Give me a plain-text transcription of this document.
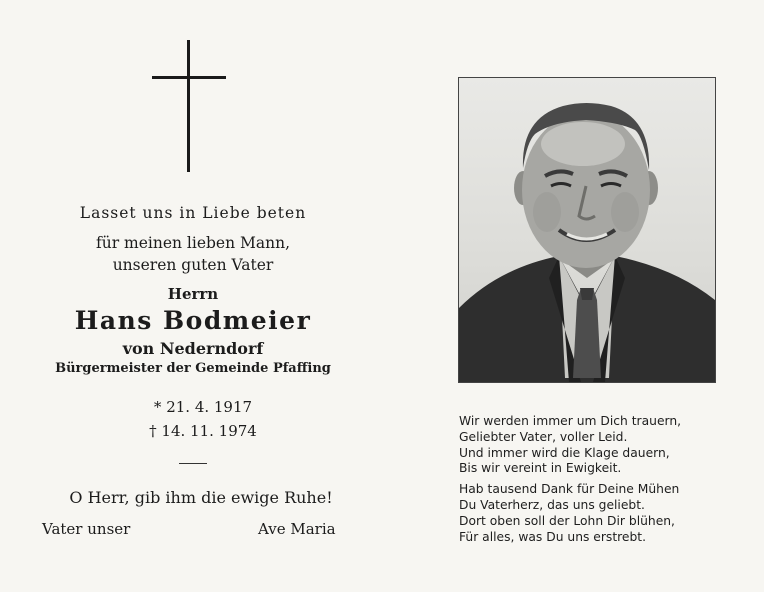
Lasset uns in Liebe beten
für meinen lieben Mann,
unseren guten Vater
Herrn
Hans Bodmeier
von Nederndorf
Bürgermeister der Gemeinde Pfaffing
* 21. 4. 1917
† 14. 11. 1974
O Herr, gib ihm die ewige Ruhe!
Vater unser	Ave Maria
Wir werden immer um Dich trauern,
Geliebter Vater, voller Leid.
Und immer wird die Klage dauern,
Bis wir vereint in Ewigkeit.
Hab tausend Dank für Deine Mühen
Du Vaterherz, das uns geliebt.
Dort oben soll der Lohn Dir blühen,
Für alles, was Du uns erstrebt.
